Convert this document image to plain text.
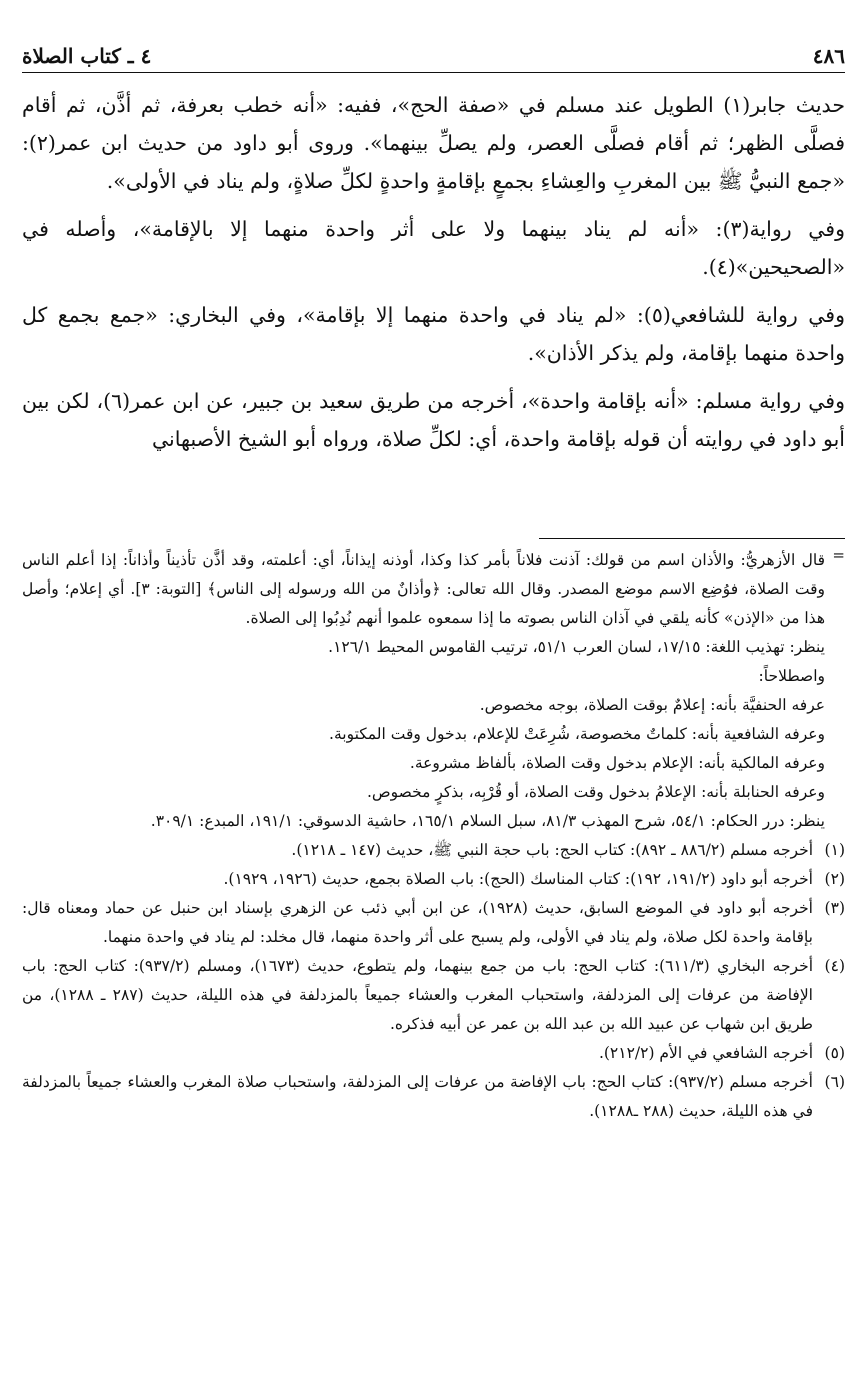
٤٨٦
٤ ـ كتاب الصلاة

حديث جابر(١) الطويل عند مسلم في «صفة الحج»، ففيه: «أنه خطب بعرفة، ثم أذَّن، ثم أقام فصلَّى الظهر؛ ثم أقام فصلَّى العصر، ولم يصلِّ بينهما». وروى أبو داود من حديث ابن عمر(٢): «جمع النبيُّ ﷺ بين المغربِ والعِشاءِ بجمعٍ بإقامةٍ واحدةٍ لكلِّ صلاةٍ، ولم يناد في الأولى».

وفي رواية(٣): «أنه لم يناد بينهما ولا على أثر واحدة منهما إلا بالإقامة»، وأصله في «الصحيحين»(٤).

وفي رواية للشافعي(٥): «لم يناد في واحدة منهما إلا بإقامة»، وفي البخاري: «جمع بجمع كل واحدة منهما بإقامة، ولم يذكر الأذان».

وفي رواية مسلم: «أنه بإقامة واحدة»، أخرجه من طريق سعيد بن جبير، عن ابن عمر(٦)، لكن بين أبو داود في روايته أن قوله بإقامة واحدة، أي: لكلِّ صلاة، ورواه أبو الشيخ الأصبهاني

=

قال الأزهريُّ: والأذان اسم من قولك: آذنت فلاناً بأمر كذا وكذا، أوذنه إيذاناً، أي: أعلمته، وقد أذَّن تأذيناً وأذاناً: إذا أعلم الناس وقت الصلاة، فوُضِع الاسم موضع المصدر. وقال الله تعالى: ﴿وأذانٌ من الله ورسوله إلى الناس﴾ [التوبة: ٣]. أي إعلام؛ وأصل هذا من «الإذن» كأنه يلقي في آذان الناس بصوته ما إذا سمعوه علموا أنهم نُدِبُوا إلى الصلاة.

ينظر: تهذيب اللغة: ١٧/١٥، لسان العرب ٥١/١، ترتيب القاموس المحيط ١٢٦/١.

واصطلاحاً:

عرفه الحنفيَّة بأنه: إعلامٌ بوقت الصلاة، بوجه مخصوص.

وعرفه الشافعية بأنه: كلماتٌ مخصوصة، شُرِعَتْ للإعلام، بدخول وقت المكتوبة.

وعرفه المالكية بأنه: الإعلام بدخول وقت الصلاة، بألفاظ مشروعة.

وعرفه الحنابلة بأنه: الإعلامُ بدخول وقت الصلاة، أو قُرْبِه، بذكرٍ مخصوص.

ينظر: درر الحكام: ٥٤/١، شرح المهذب ٨١/٣، سبل السلام ١٦٥/١، حاشية الدسوقي: ١٩١/١، المبدع: ٣٠٩/١.

(١)
أخرجه مسلم (٨٨٦/٢ ـ ٨٩٢): كتاب الحج: باب حجة النبي ﷺ، حديث (١٤٧ ـ ١٢١٨).
(٢)
أخرجه أبو داود (١٩١/٢، ١٩٢): كتاب المناسك (الحج): باب الصلاة بجمع، حديث (١٩٢٦، ١٩٢٩).
(٣)
أخرجه أبو داود في الموضع السابق، حديث (١٩٢٨)، عن ابن أبي ذئب عن الزهري بإسناد ابن حنبل عن حماد ومعناه قال: بإقامة واحدة لكل صلاة، ولم يناد في الأولى، ولم يسبح على أثر واحدة منهما، قال مخلد: لم يناد في واحدة منهما.
(٤)
أخرجه البخاري (٦١١/٣): كتاب الحج: باب من جمع بينهما، ولم يتطوع، حديث (١٦٧٣)، ومسلم (٩٣٧/٢): كتاب الحج: باب الإفاضة من عرفات إلى المزدلفة، واستحباب المغرب والعشاء جميعاً بالمزدلفة في هذه الليلة، حديث (٢٨٧ ـ ١٢٨٨)، من طريق ابن شهاب عن عبيد الله بن عبد الله بن عمر عن أبيه فذكره.
(٥)
أخرجه الشافعي في الأم (٢١٢/٢).
(٦)
أخرجه مسلم (٩٣٧/٢): كتاب الحج: باب الإفاضة من عرفات إلى المزدلفة، واستحباب صلاة المغرب والعشاء جميعاً بالمزدلفة في هذه الليلة، حديث (٢٨٨ ـ١٢٨٨).
